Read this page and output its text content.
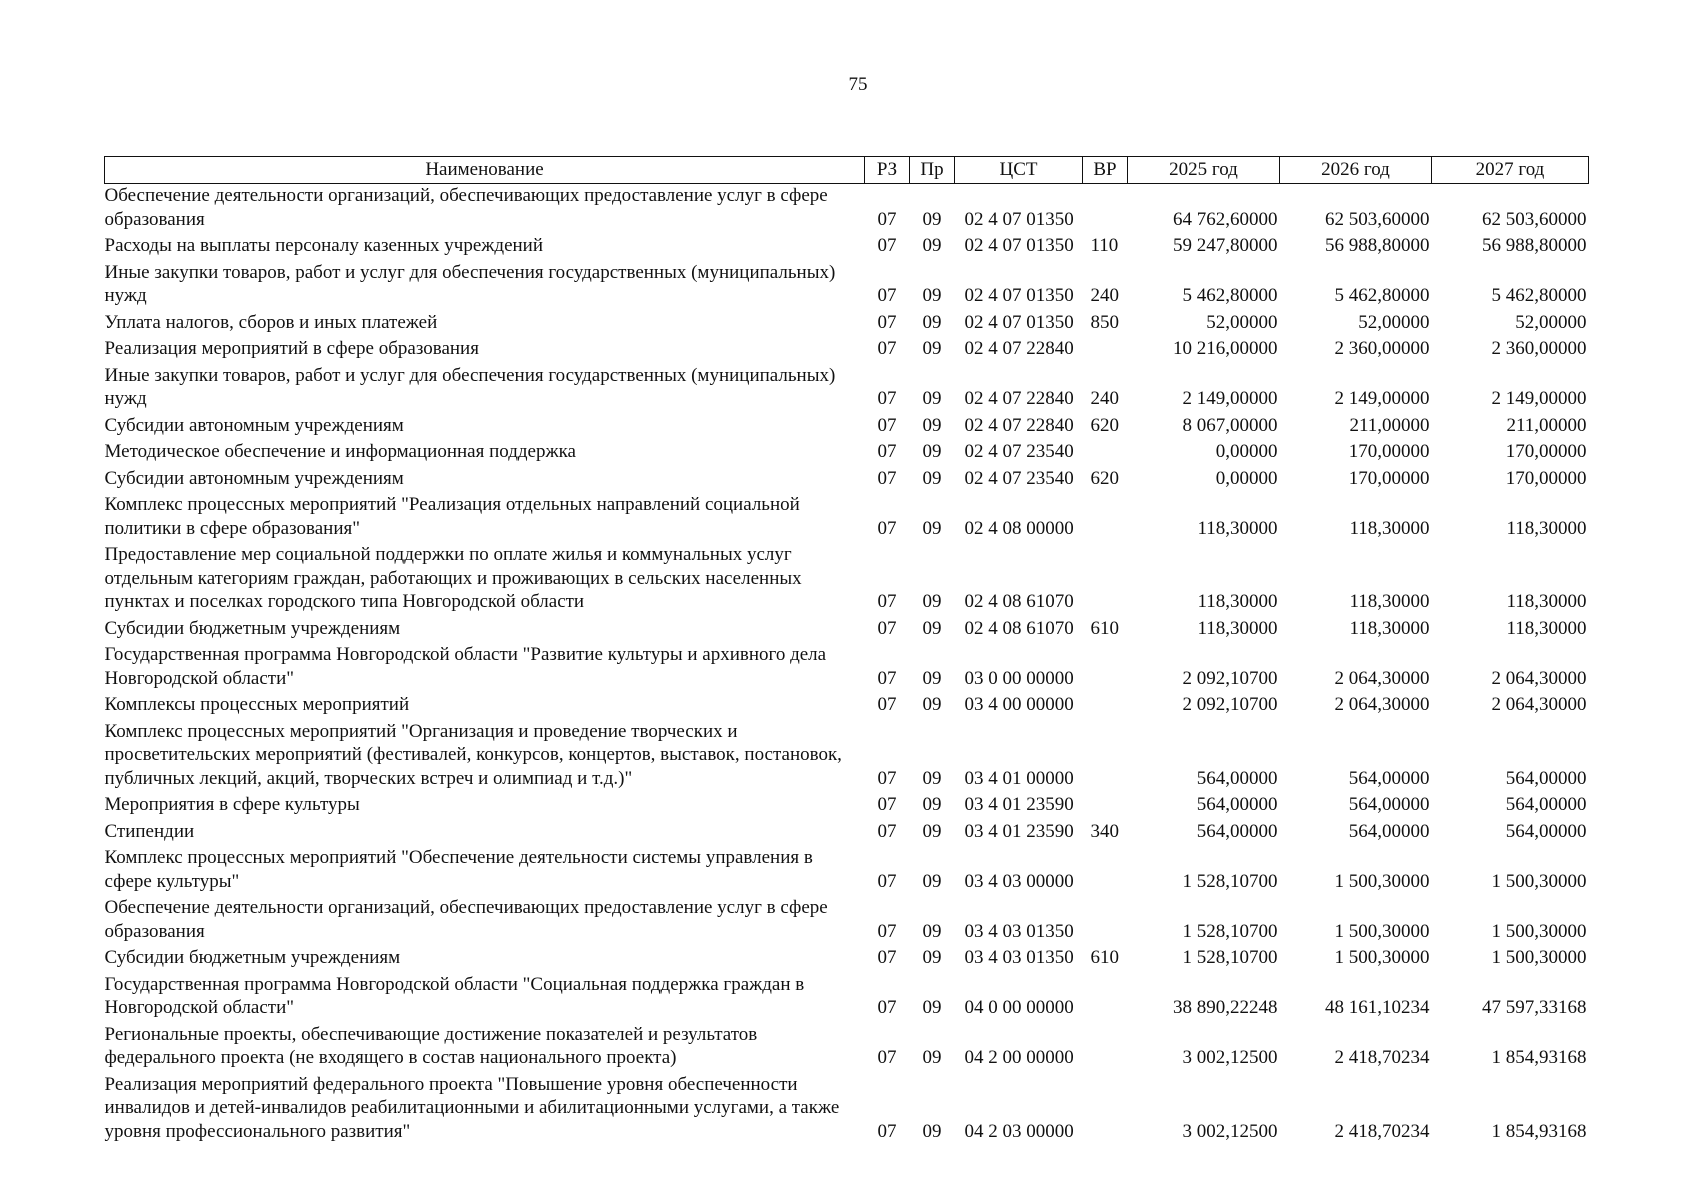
75
Наименование	РЗ	Пр	ЦСТ	ВР	2025 год	2026 год	2027 год
Обеспечение деятельности организаций, обеспечивающих предоставление услуг в сфере образования	07	09	02 4 07 01350		64 762,60000	62 503,60000	62 503,60000
Расходы на выплаты персоналу казенных учреждений	07	09	02 4 07 01350	110	59 247,80000	56 988,80000	56 988,80000
Иные закупки товаров, работ и услуг для обеспечения государственных (муниципальных) нужд	07	09	02 4 07 01350	240	5 462,80000	5 462,80000	5 462,80000
Уплата налогов, сборов и иных платежей	07	09	02 4 07 01350	850	52,00000	52,00000	52,00000
Реализация мероприятий в сфере образования	07	09	02 4 07 22840		10 216,00000	2 360,00000	2 360,00000
Иные закупки товаров, работ и услуг для обеспечения государственных (муниципальных) нужд	07	09	02 4 07 22840	240	2 149,00000	2 149,00000	2 149,00000
Субсидии автономным учреждениям	07	09	02 4 07 22840	620	8 067,00000	211,00000	211,00000
Методическое обеспечение и информационная поддержка	07	09	02 4 07 23540		0,00000	170,00000	170,00000
Субсидии автономным учреждениям	07	09	02 4 07 23540	620	0,00000	170,00000	170,00000
Комплекс процессных мероприятий "Реализация отдельных направлений социальной политики в сфере образования"	07	09	02 4 08 00000		118,30000	118,30000	118,30000
Предоставление мер социальной поддержки по оплате жилья и коммунальных услуг отдельным категориям граждан, работающих и проживающих в сельских населенных пунктах и поселках городского типа Новгородской области	07	09	02 4 08 61070		118,30000	118,30000	118,30000
Субсидии бюджетным учреждениям	07	09	02 4 08 61070	610	118,30000	118,30000	118,30000
Государственная программа Новгородской области "Развитие культуры и архивного дела Новгородской области"	07	09	03 0 00 00000		2 092,10700	2 064,30000	2 064,30000
Комплексы процессных мероприятий	07	09	03 4 00 00000		2 092,10700	2 064,30000	2 064,30000
Комплекс процессных мероприятий "Организация и проведение творческих и просветительских мероприятий (фестивалей, конкурсов, концертов, выставок, постановок, публичных лекций, акций, творческих встреч и олимпиад и т.д.)"	07	09	03 4 01 00000		564,00000	564,00000	564,00000
Мероприятия в сфере культуры	07	09	03 4 01 23590		564,00000	564,00000	564,00000
Стипендии	07	09	03 4 01 23590	340	564,00000	564,00000	564,00000
Комплекс процессных мероприятий "Обеспечение деятельности системы управления в сфере культуры"	07	09	03 4 03 00000		1 528,10700	1 500,30000	1 500,30000
Обеспечение деятельности организаций, обеспечивающих предоставление услуг в сфере образования	07	09	03 4 03 01350		1 528,10700	1 500,30000	1 500,30000
Субсидии бюджетным учреждениям	07	09	03 4 03 01350	610	1 528,10700	1 500,30000	1 500,30000
Государственная программа Новгородской области "Социальная поддержка граждан в Новгородской области"	07	09	04 0 00 00000		38 890,22248	48 161,10234	47 597,33168
Региональные проекты, обеспечивающие достижение показателей и результатов федерального проекта (не входящего в состав национального проекта)	07	09	04 2 00 00000		3 002,12500	2 418,70234	1 854,93168
Реализация мероприятий федерального проекта "Повышение уровня обеспеченности инвалидов и детей-инвалидов реабилитационными и абилитационными услугами, а также уровня профессионального развития"	07	09	04 2 03 00000		3 002,12500	2 418,70234	1 854,93168
